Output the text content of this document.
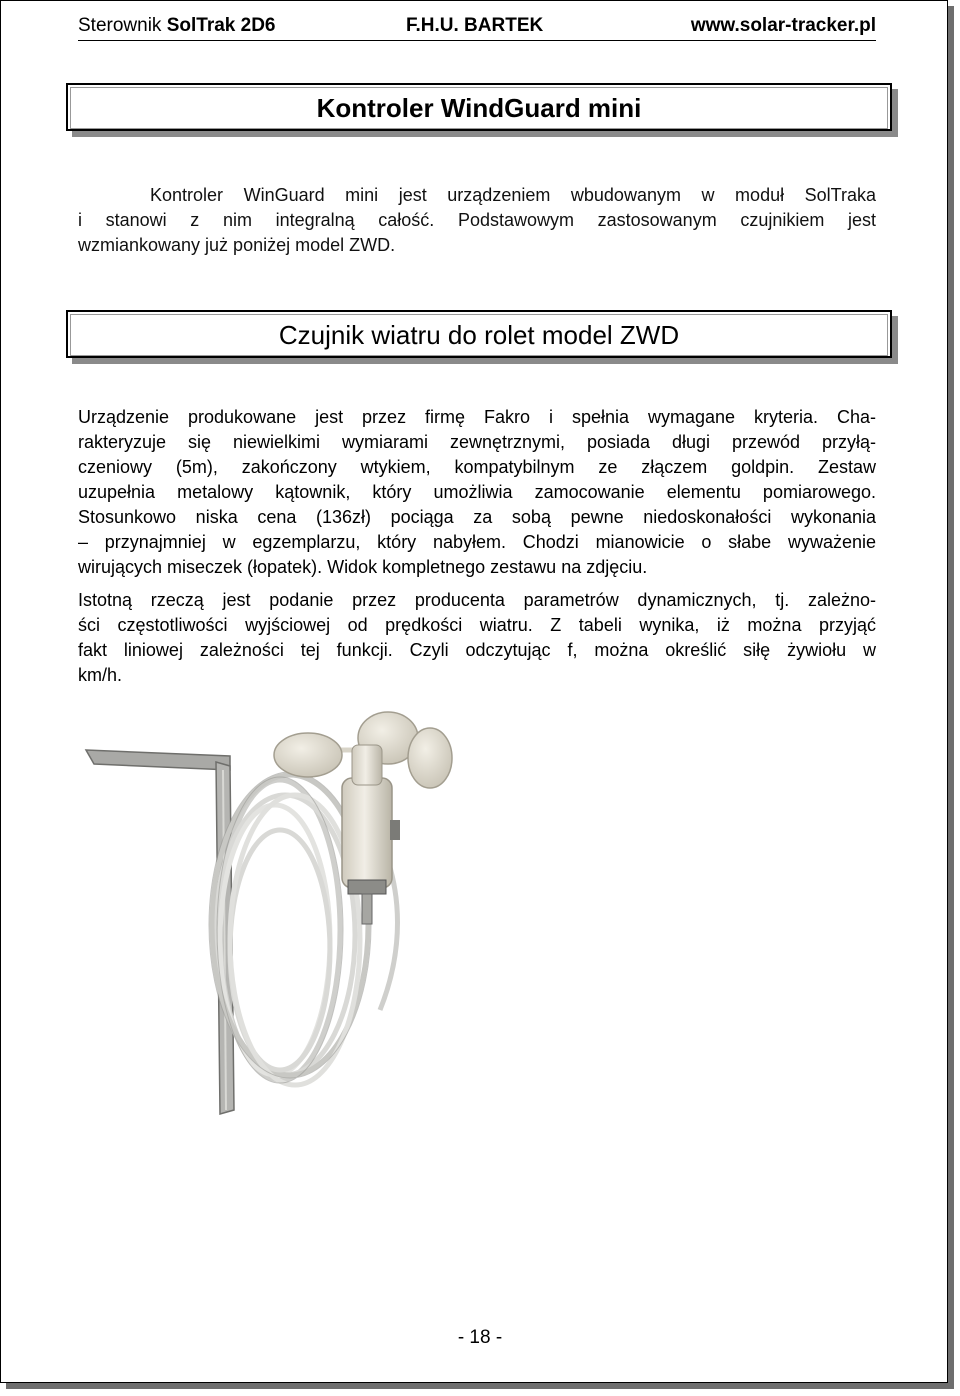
Sterownik SolTrak 2D6	F.H.U. BARTEK	www.solar-tracker.pl
Kontroler WindGuard mini
Kontroler WinGuard mini jest urządzeniem wbudowanym w moduł SolTraka
i stanowi z nim integralną całość. Podstawowym zastosowanym czujnikiem jest
wzmiankowany już poniżej model ZWD.
Czujnik wiatru do rolet model ZWD
Urządzenie produkowane jest przez firmę Fakro i spełnia wymagane kryteria. Cha-
rakteryzuje się niewielkimi wymiarami zewnętrznymi, posiada długi przewód przyłą-
czeniowy (5m), zakończony wtykiem, kompatybilnym ze złączem goldpin. Zestaw
uzupełnia metalowy kątownik, który umożliwia zamocowanie elementu pomiarowego.
Stosunkowo niska cena (136zł) pociąga za sobą pewne niedoskonałości wykonania
– przynajmniej w egzemplarzu, który nabyłem. Chodzi mianowicie o słabe wyważenie
wirujących miseczek (łopatek). Widok kompletnego zestawu na zdjęciu.
Istotną rzeczą jest podanie przez producenta parametrów dynamicznych, tj. zależno-
ści częstotliwości wyjściowej od prędkości wiatru. Z tabeli wynika, iż można przyjąć
fakt liniowej zależności tej funkcji. Czyli odczytując f, można określić siłę żywiołu w
km/h.
- 18 -
